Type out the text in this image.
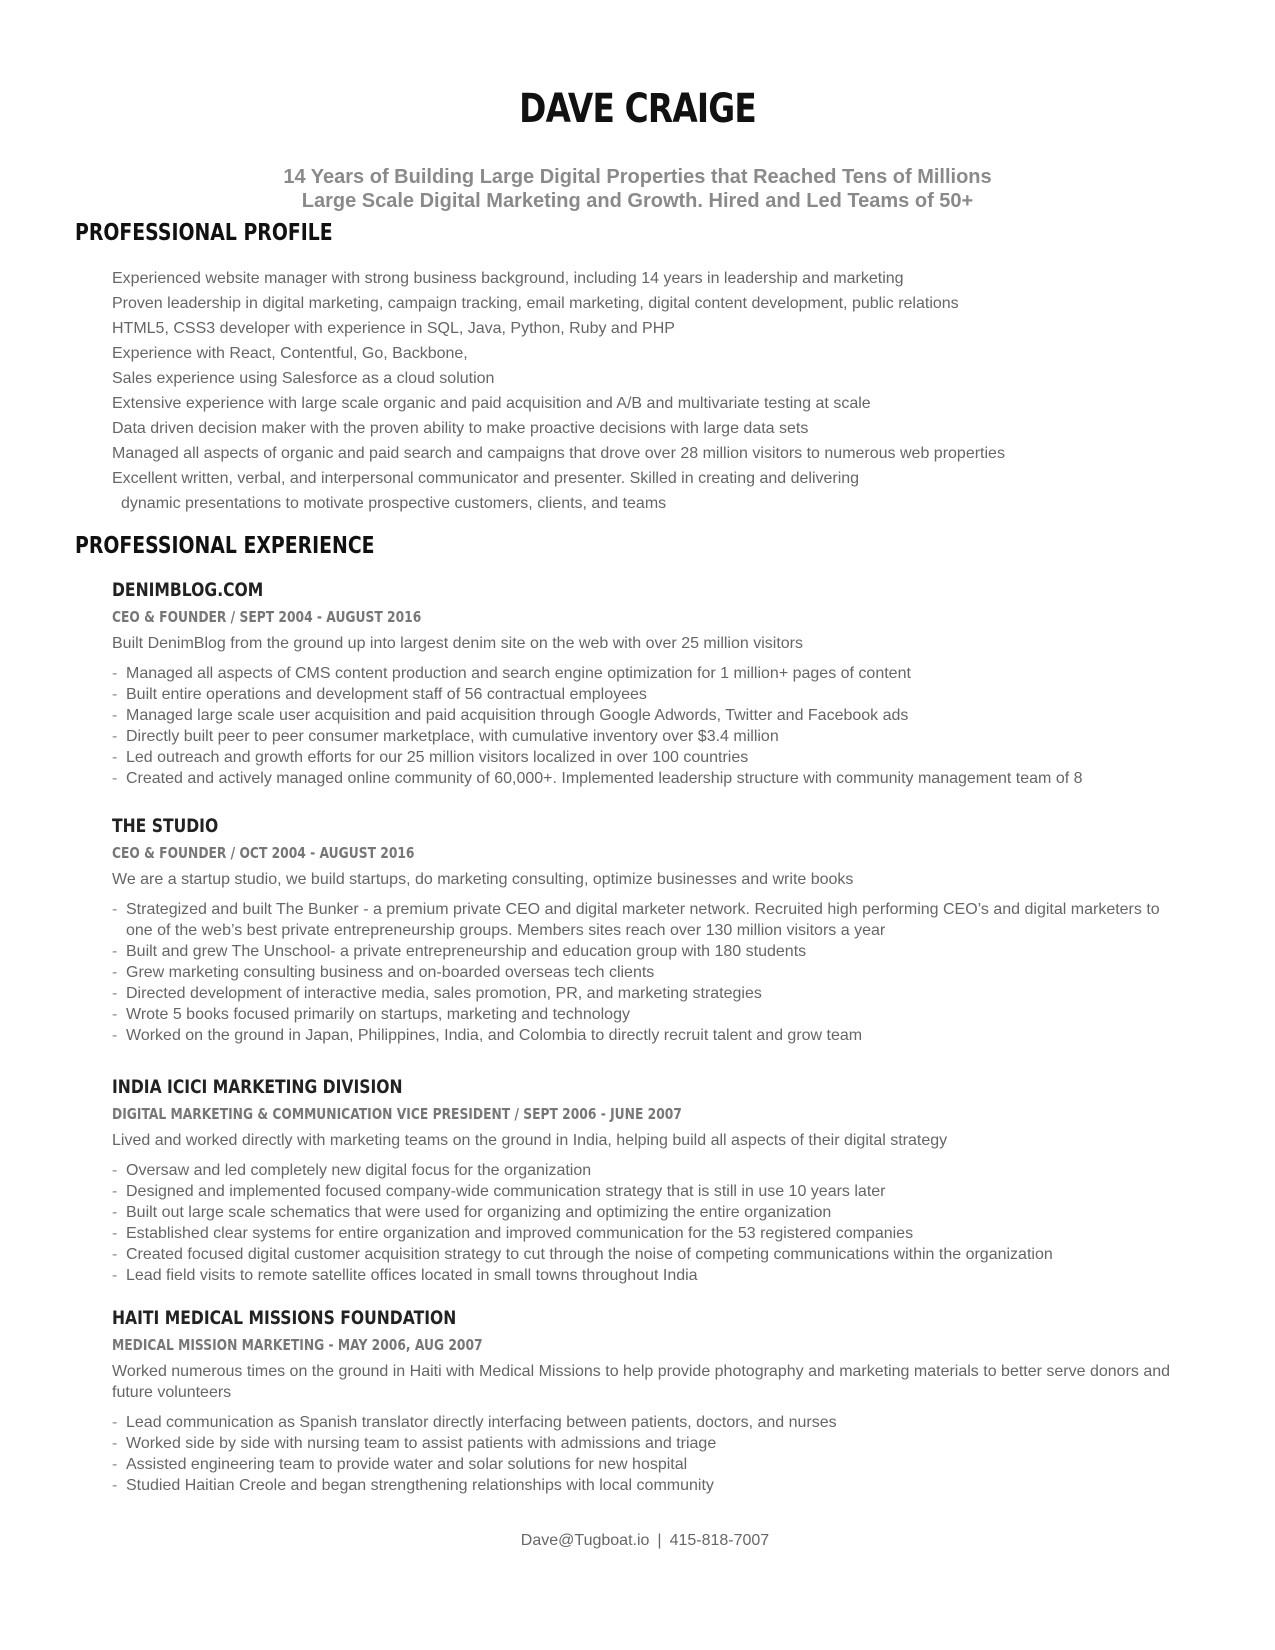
DAVE CRAIGE
14 Years of Building Large Digital Properties that Reached Tens of Millions
Large Scale Digital Marketing and Growth. Hired and Led Teams of 50+
PROFESSIONAL PROFILE
Experienced website manager with strong business background, including 14 years in leadership and marketing
Proven leadership in digital marketing, campaign tracking, email marketing, digital content development, public relations
HTML5, CSS3 developer with experience in SQL, Java, Python, Ruby and PHP
Experience with React, Contentful, Go, Backbone,
Sales experience using Salesforce as a cloud solution
Extensive experience with large scale organic and paid acquisition and A/B and multivariate testing at scale
Data driven decision maker with the proven ability to make proactive decisions with large data sets
Managed all aspects of organic and paid search and campaigns that drove over 28 million visitors to numerous web properties
Excellent written, verbal, and interpersonal communicator and presenter. Skilled in creating and delivering
dynamic presentations to motivate prospective customers, clients, and teams
PROFESSIONAL EXPERIENCE
DENIMBLOG.COM
CEO & FOUNDER / SEPT 2004 - AUGUST 2016
Built DenimBlog from the ground up into largest denim site on the web with over 25 million visitors
- Managed all aspects of CMS content production and search engine optimization for 1 million+ pages of content
- Built entire operations and development staff of 56 contractual employees
- Managed large scale user acquisition and paid acquisition through Google Adwords, Twitter and Facebook ads
- Directly built peer to peer consumer marketplace, with cumulative inventory over $3.4 million
- Led outreach and growth efforts for our 25 million visitors localized in over 100 countries
- Created and actively managed online community of 60,000+. Implemented leadership structure with community management team of 8
THE STUDIO
CEO & FOUNDER / OCT 2004 - AUGUST 2016
We are a startup studio, we build startups, do marketing consulting, optimize businesses and write books
- Strategized and built The Bunker - a premium private CEO and digital marketer network. Recruited high performing CEO’s and digital marketers to one of the web’s best private entrepreneurship groups. Members sites reach over 130 million visitors a year
- Built and grew The Unschool- a private entrepreneurship and education group with 180 students
- Grew marketing consulting business and on-boarded overseas tech clients
- Directed development of interactive media, sales promotion, PR, and marketing strategies
- Wrote 5 books focused primarily on startups, marketing and technology
- Worked on the ground in Japan, Philippines, India, and Colombia to directly recruit talent and grow team
INDIA ICICI MARKETING DIVISION
DIGITAL MARKETING & COMMUNICATION VICE PRESIDENT / SEPT 2006 - JUNE 2007
Lived and worked directly with marketing teams on the ground in India, helping build all aspects of their digital strategy
- Oversaw and led completely new digital focus for the organization
- Designed and implemented focused company-wide communication strategy that is still in use 10 years later
- Built out large scale schematics that were used for organizing and optimizing the entire organization
- Established clear systems for entire organization and improved communication for the 53 registered companies
- Created focused digital customer acquisition strategy to cut through the noise of competing communications within the organization
- Lead field visits to remote satellite offices located in small towns throughout India
HAITI MEDICAL MISSIONS FOUNDATION
MEDICAL MISSION MARKETING - MAY 2006, AUG 2007
Worked numerous times on the ground in Haiti with Medical Missions to help provide photography and marketing materials to better serve donors and future volunteers
- Lead communication as Spanish translator directly interfacing between patients, doctors, and nurses
- Worked side by side with nursing team to assist patients with admissions and triage
- Assisted engineering team to provide water and solar solutions for new hospital
- Studied Haitian Creole and began strengthening relationships with local community
Dave@Tugboat.io | 415-818-7007
